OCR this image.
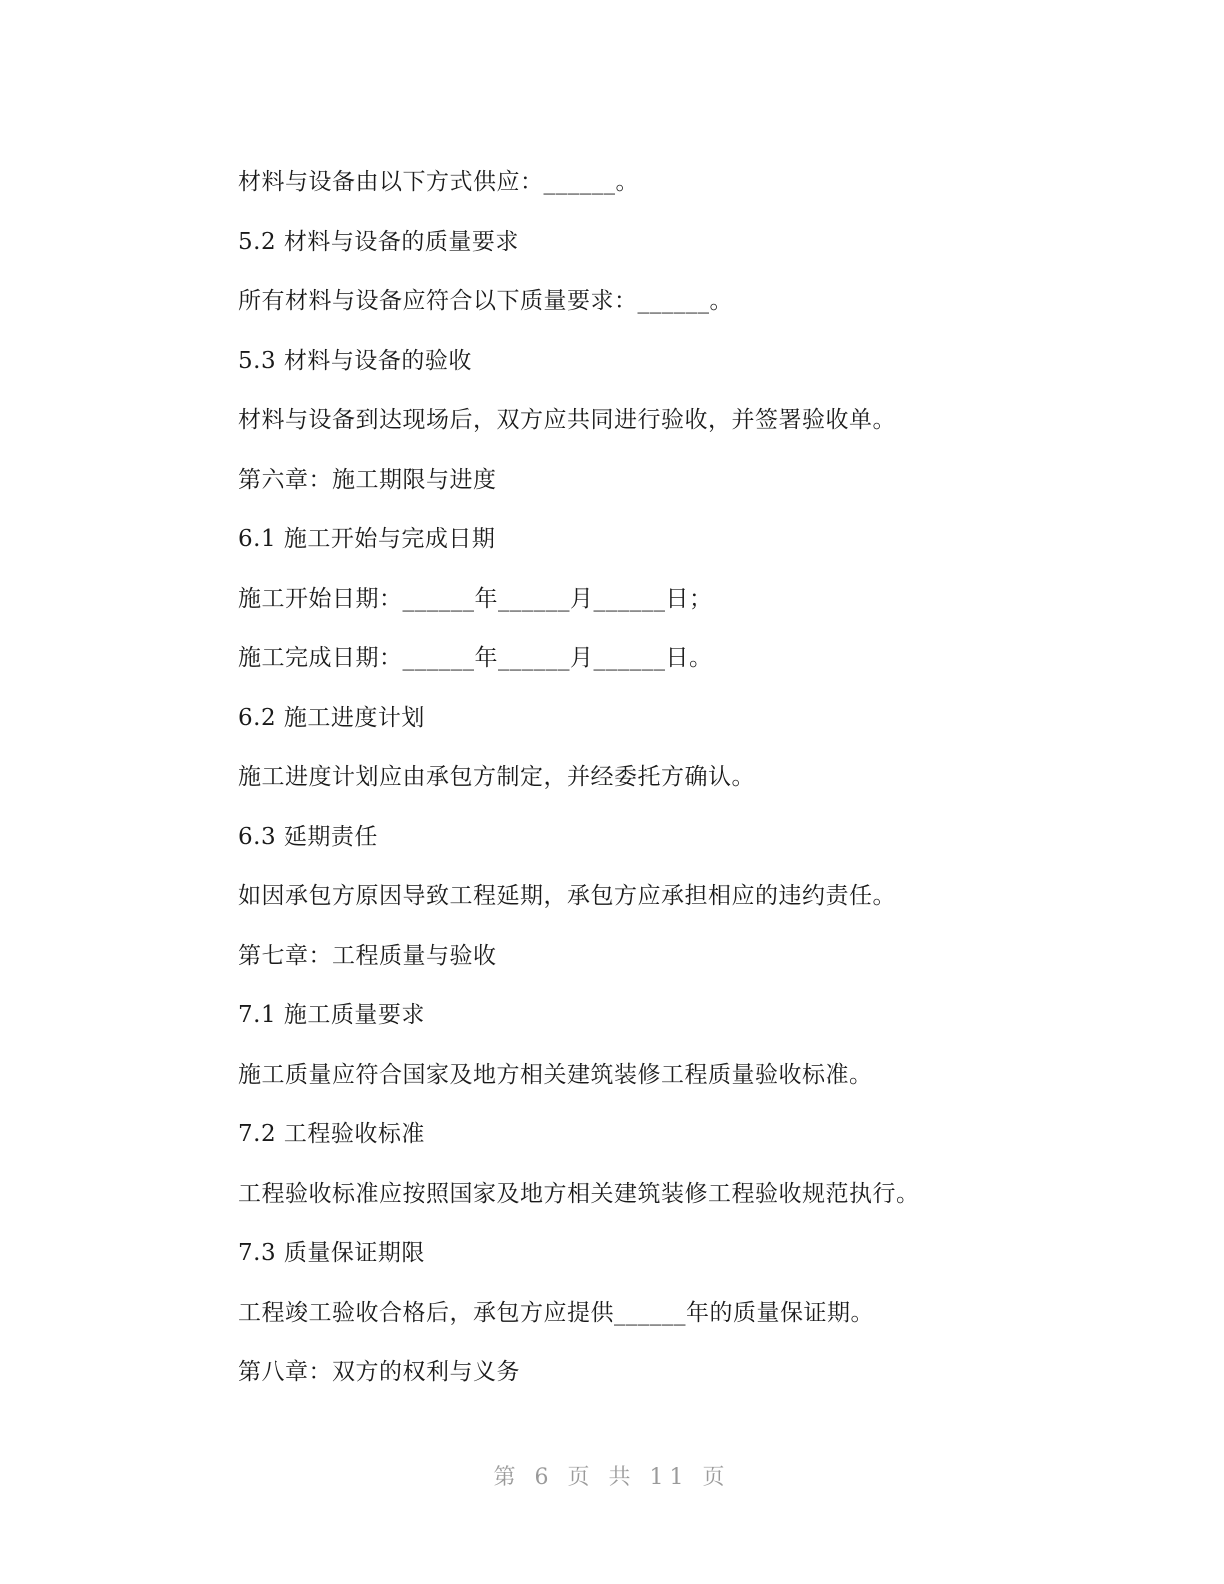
材料与设备由以下方式供应：______。
5.2 材料与设备的质量要求
所有材料与设备应符合以下质量要求：______。
5.3 材料与设备的验收
材料与设备到达现场后，双方应共同进行验收，并签署验收单。
第六章：施工期限与进度
6.1 施工开始与完成日期
施工开始日期：______年______月______日；
施工完成日期：______年______月______日。
6.2 施工进度计划
施工进度计划应由承包方制定，并经委托方确认。
6.3 延期责任
如因承包方原因导致工程延期，承包方应承担相应的违约责任。
第七章：工程质量与验收
7.1 施工质量要求
施工质量应符合国家及地方相关建筑装修工程质量验收标准。
7.2 工程验收标准
工程验收标准应按照国家及地方相关建筑装修工程验收规范执行。
7.3 质量保证期限
工程竣工验收合格后，承包方应提供______年的质量保证期。
第八章：双方的权利与义务
第 6 页 共 11 页
